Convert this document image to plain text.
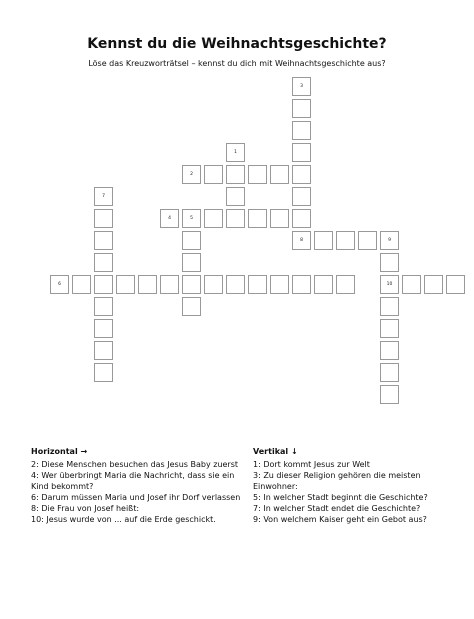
Kennst du die Weihnachtsgeschichte?
Löse das Kreuzworträtsel – kennst du dich mit Weihnachtsgeschichte aus?
1
2
3
8
4	5
6
7
9
10
Horizontal →
2: Diese Menschen besuchen das Jesus Baby zuerst
4: Wer überbringt Maria die Nachricht, dass sie ein Kind bekommt?
6: Darum müssen Maria und Josef ihr Dorf verlassen
8: Die Frau von Josef heißt:
10: Jesus wurde von ... auf die Erde geschickt.
Vertikal ↓
1: Dort kommt Jesus zur Welt
3: Zu dieser Religion gehören die meisten Einwohner:
5: In welcher Stadt beginnt die Geschichte?
7: In welcher Stadt endet die Geschichte?
9: Von welchem Kaiser geht ein Gebot aus?
